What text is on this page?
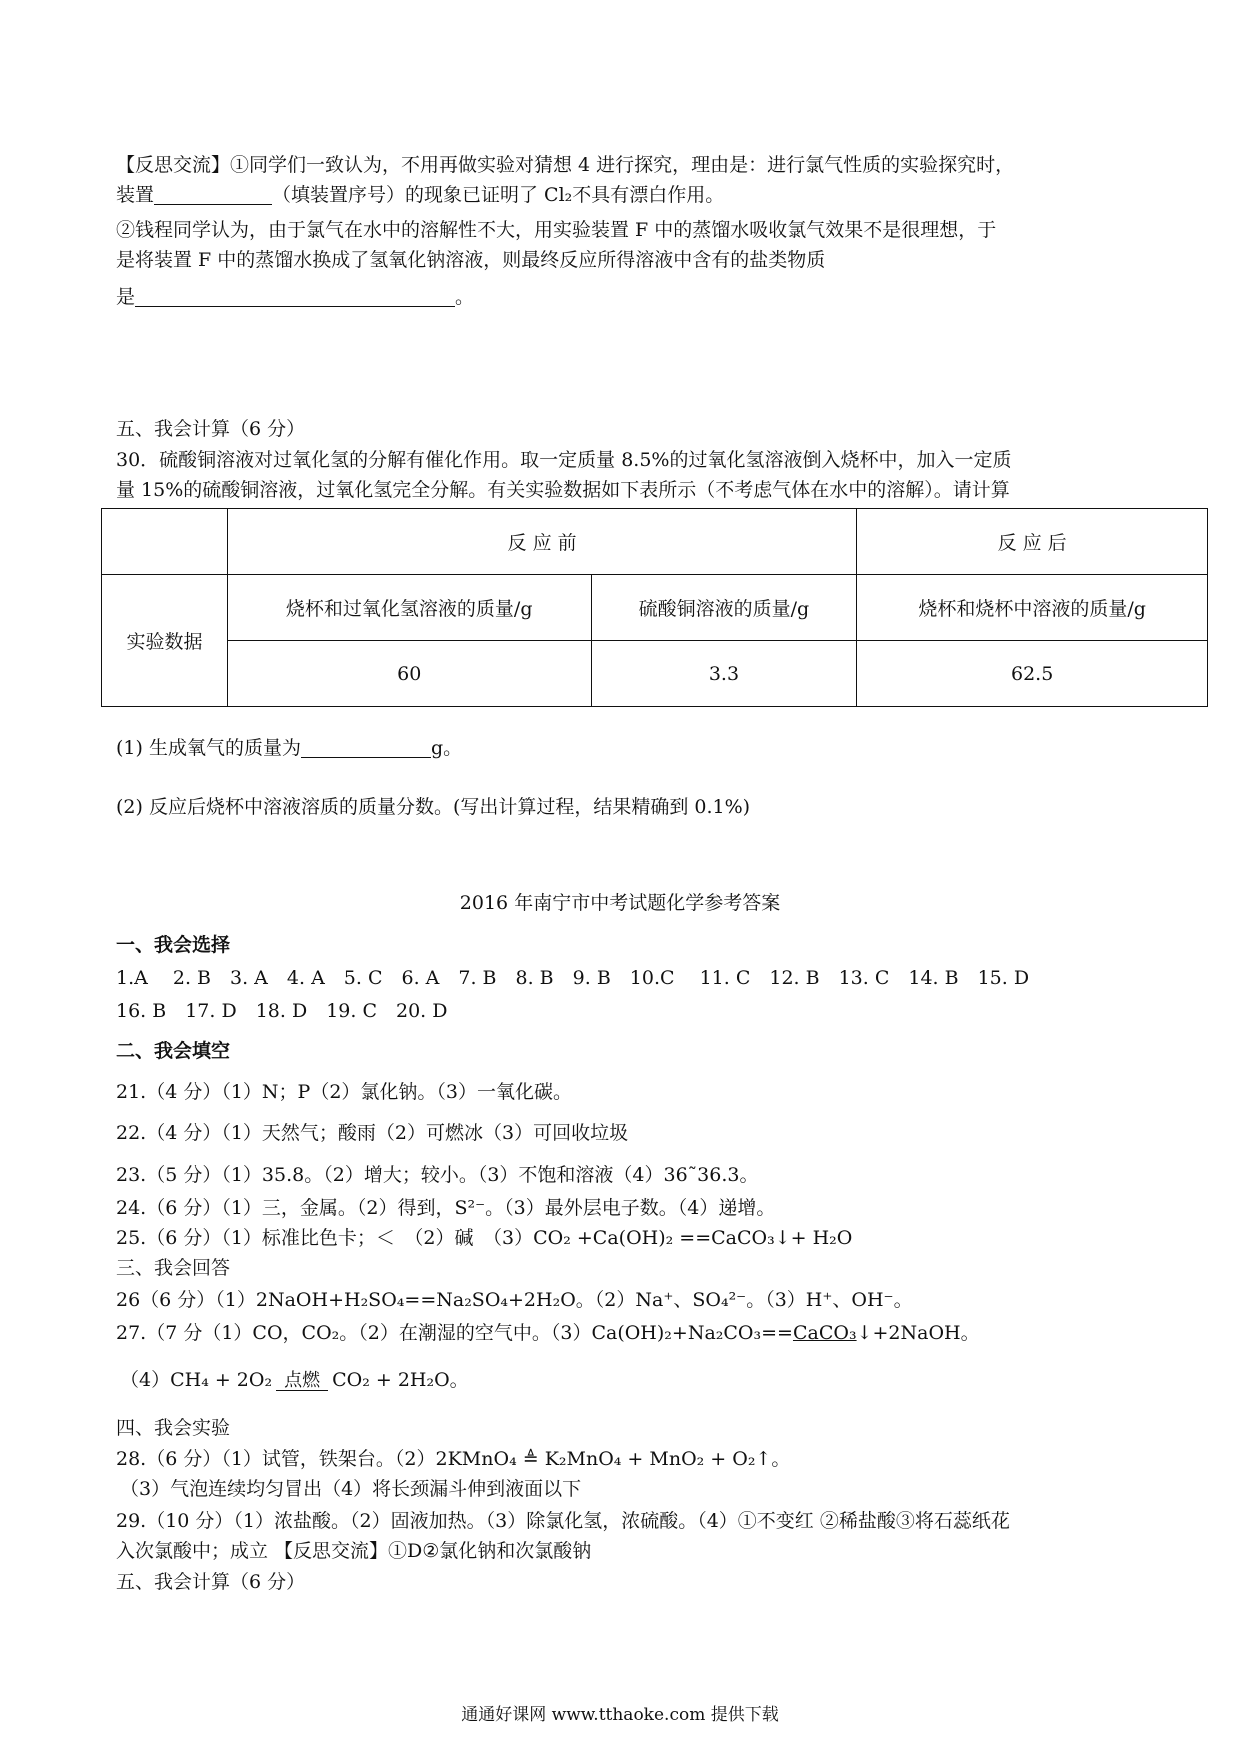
【反思交流】①同学们一致认为，不用再做实验对猜想 4 进行探究，理由是：进行氯气性质的实验探究时，
装置	（填装置序号）的现象已证明了 Cl₂不具有漂白作用。
②钱程同学认为，由于氯气在水中的溶解性不大，用实验装置 F 中的蒸馏水吸收氯气效果不是很理想，于
是将装置 F 中的蒸馏水换成了氢氧化钠溶液，则最终反应所得溶液中含有的盐类物质
是	。
五、我会计算（6 分）
30．硫酸铜溶液对过氧化氢的分解有催化作用。取一定质量 8.5%的过氧化氢溶液倒入烧杯中，加入一定质
量 15%的硫酸铜溶液，过氧化氢完全分解。有关实验数据如下表所示（不考虑气体在水中的溶解）。请计算
	反 应 前		反 应 后
实验数据	烧杯和过氧化氢溶液的质量/g	硫酸铜溶液的质量/g	烧杯和烧杯中溶液的质量/g
	60	3.3	62.5
(1) 生成氧气的质量为	g。
(2) 反应后烧杯中溶液溶质的质量分数。(写出计算过程，结果精确到 0.1%)
2016 年南宁市中考试题化学参考答案
一、我会选择
1.A　 2. B　3. A　4. A　5. C　6. A　7. B　8. B　9. B　10.C　 11. C　12. B　13. C　14. B　15. D
16. B　17. D　18. D　19. C　20. D
二、我会填空
21.（4 分）（1）N；P（2）氯化钠。（3）一氧化碳。
22.（4 分）（1）天然气；酸雨（2）可燃冰（3）可回收垃圾
23.（5 分）（1）35.8。（2）增大；较小。（3）不饱和溶液（4）36˜36.3。
24.（6 分）（1）三，金属。（2）得到，S²⁻。（3）最外层电子数。（4）递增。
25.（6 分）（1）标准比色卡；＜　（2）碱　（3）CO₂ +Ca(OH)₂ ==CaCO₃↓+ H₂O
三、我会回答
26（6 分）（1）2NaOH+H₂SO₄==Na₂SO₄+2H₂O。（2）Na⁺、SO₄²⁻。（3）H⁺、OH⁻。
27.（7 分（1）CO，CO₂。（2）在潮湿的空气中。（3）Ca(OH)₂+Na₂CO₃==CaCO₃↓+2NaOH。
（4）CH₄ + 2O₂ 点燃 CO₂ + 2H₂O。
四、我会实验
28.（6 分）（1）试管，铁架台。（2）2KMnO₄ ≜ K₂MnO₄ + MnO₂ + O₂↑。
（3）气泡连续均匀冒出（4）将长颈漏斗伸到液面以下
29.（10 分）（1）浓盐酸。（2）固液加热。（3）除氯化氢，浓硫酸。（4）①不变红 ②稀盐酸③将石蕊纸花
入次氯酸中；成立 【反思交流】①D②氯化钠和次氯酸钠
五、我会计算（6 分）
通通好课网 www.tthaoke.com 提供下载
